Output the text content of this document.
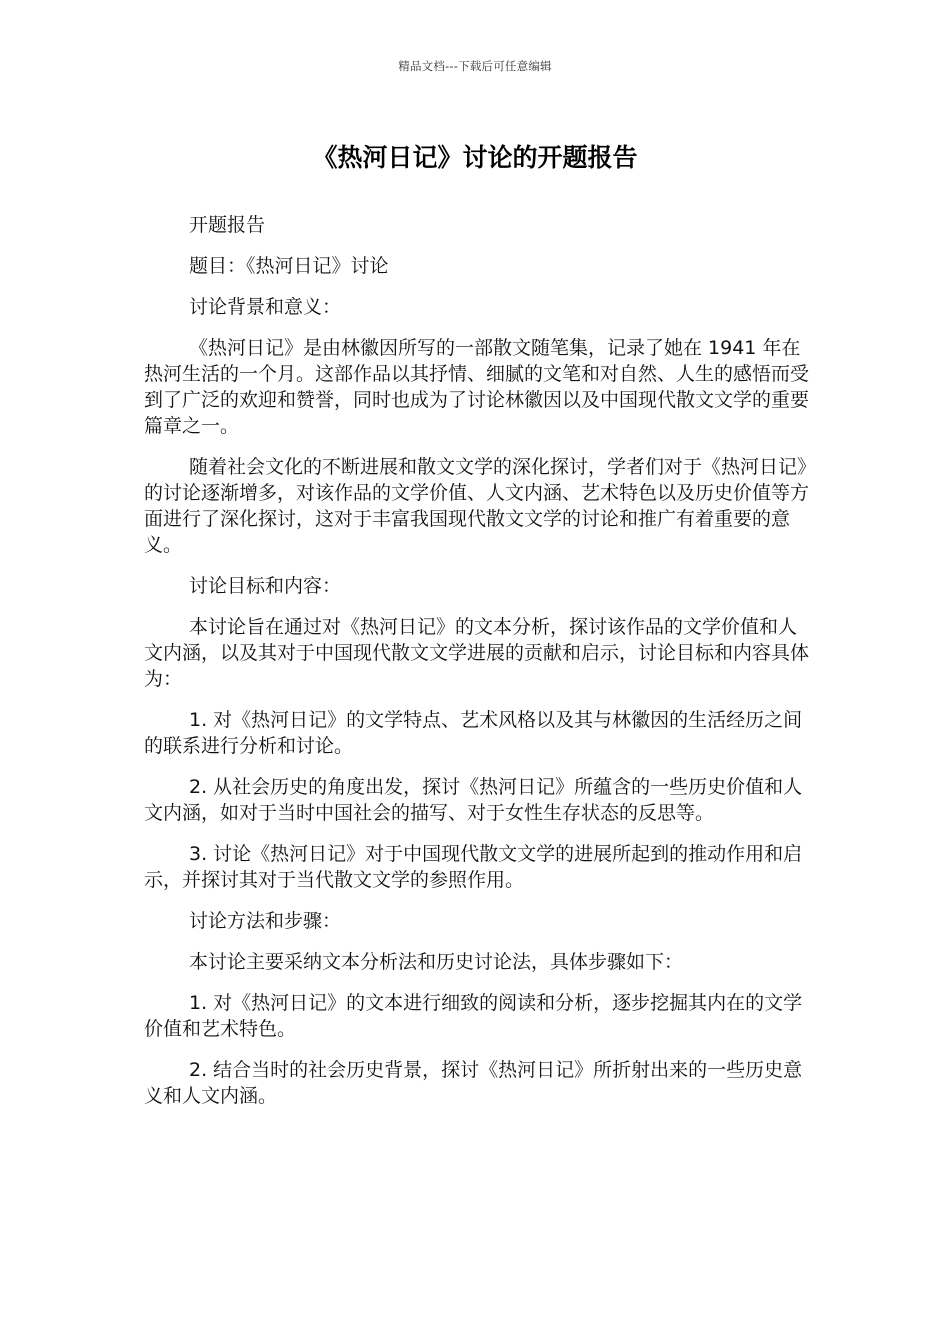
精品文档---下载后可任意编辑
《热河日记》讨论的开题报告

开题报告

题目：《热河日记》讨论

讨论背景和意义：

《热河日记》是由林徽因所写的一部散文随笔集，记录了她在 1941 年在热河生活的一个月。这部作品以其抒情、细腻的文笔和对自然、人生的感悟而受到了广泛的欢迎和赞誉，同时也成为了讨论林徽因以及中国现代散文文学的重要篇章之一。

随着社会文化的不断进展和散文文学的深化探讨，学者们对于《热河日记》的讨论逐渐增多，对该作品的文学价值、人文内涵、艺术特色以及历史价值等方面进行了深化探讨，这对于丰富我国现代散文文学的讨论和推广有着重要的意义。

讨论目标和内容：

本讨论旨在通过对《热河日记》的文本分析，探讨该作品的文学价值和人文内涵，以及其对于中国现代散文文学进展的贡献和启示，讨论目标和内容具体为：

1. 对《热河日记》的文学特点、艺术风格以及其与林徽因的生活经历之间的联系进行分析和讨论。

2. 从社会历史的角度出发，探讨《热河日记》所蕴含的一些历史价值和人文内涵，如对于当时中国社会的描写、对于女性生存状态的反思等。

3. 讨论《热河日记》对于中国现代散文文学的进展所起到的推动作用和启示，并探讨其对于当代散文文学的参照作用。

讨论方法和步骤：

本讨论主要采纳文本分析法和历史讨论法，具体步骤如下：

1. 对《热河日记》的文本进行细致的阅读和分析，逐步挖掘其内在的文学价值和艺术特色。

2. 结合当时的社会历史背景，探讨《热河日记》所折射出来的一些历史意义和人文内涵。
